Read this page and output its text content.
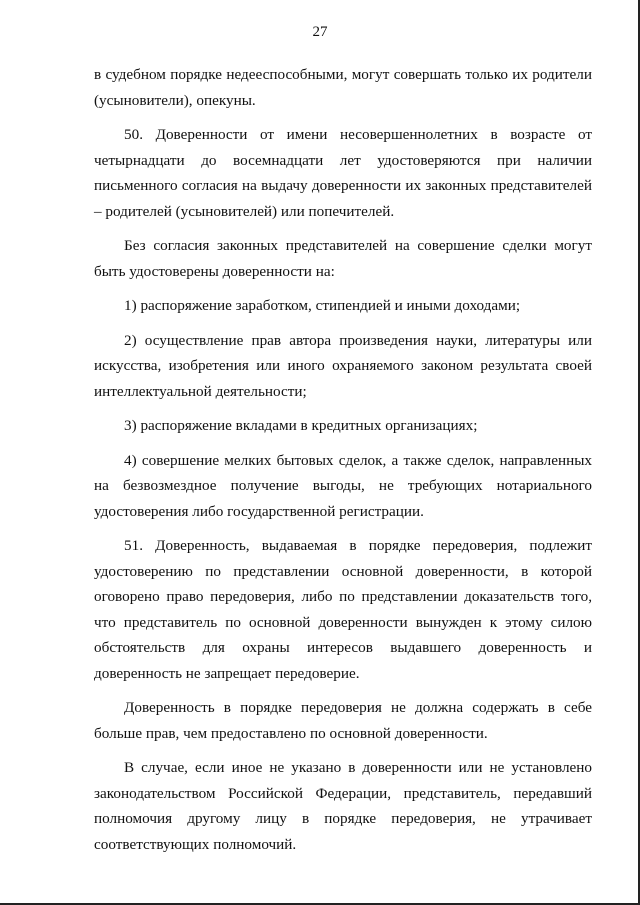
27

в судебном порядке недееспособными, могут совершать только их родители (усыновители), опекуны.

50. Доверенности от имени несовершеннолетних в возрасте от четырнадцати до восемнадцати лет удостоверяются при наличии письменного согласия на выдачу доверенности их законных представителей – родителей (усыновителей) или попечителей.

Без согласия законных представителей на совершение сделки могут быть удостоверены доверенности на:

1) распоряжение заработком, стипендией и иными доходами;

2) осуществление прав автора произведения науки, литературы или искусства, изобретения или иного охраняемого законом результата своей интеллектуальной деятельности;

3) распоряжение вкладами в кредитных организациях;

4) совершение мелких бытовых сделок, а также сделок, направленных на безвозмездное получение выгоды, не требующих нотариального удостоверения либо государственной регистрации.

51. Доверенность, выдаваемая в порядке передоверия, подлежит удостоверению по представлении основной доверенности, в которой оговорено право передоверия, либо по представлении доказательств того, что представитель по основной доверенности вынужден к этому силою обстоятельств для охраны интересов выдавшего доверенность и доверенность не запрещает передоверие.

Доверенность в порядке передоверия не должна содержать в себе больше прав, чем предоставлено по основной доверенности.

В случае, если иное не указано в доверенности или не установлено законодательством Российской Федерации, представитель, передавший полномочия другому лицу в порядке передоверия, не утрачивает соответствующих полномочий.
